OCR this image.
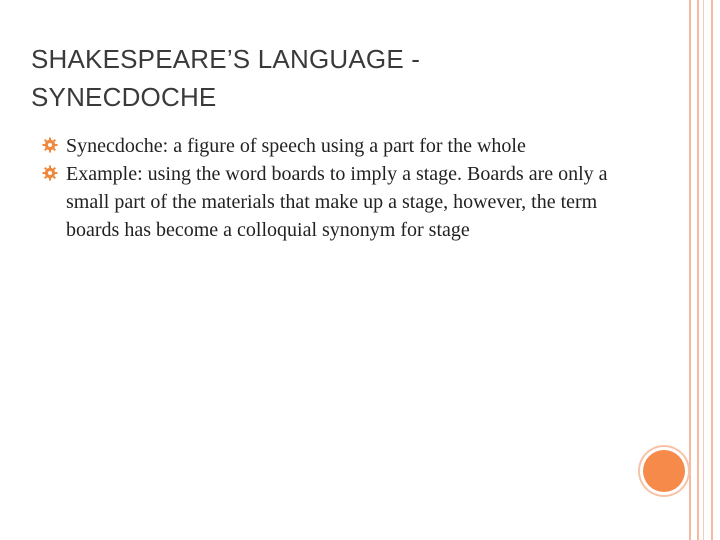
SHAKESPEARE’S LANGUAGE -
SYNECDOCHE

Synecdoche: a figure of speech using a part for the whole

Example: using the word boards to imply a stage. Boards are only a small part of the materials that make up a stage, however, the term boards has become a colloquial synonym for stage
